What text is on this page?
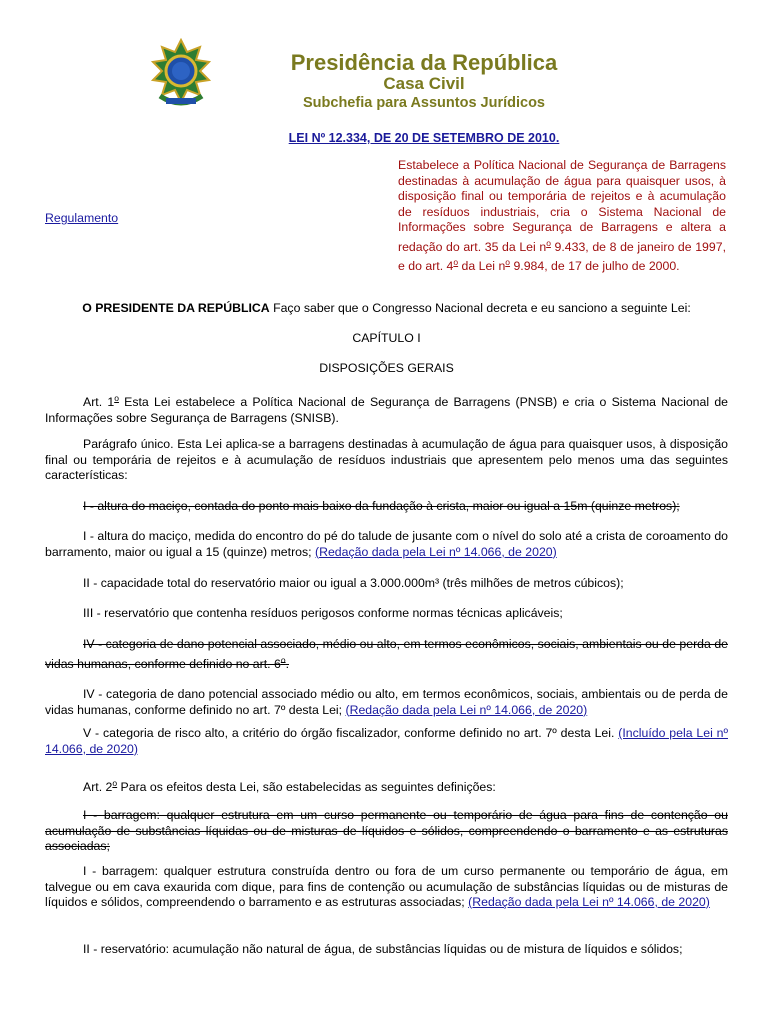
Presidência da República
Casa Civil
Subchefia para Assuntos Jurídicos
LEI Nº 12.334, DE 20 DE SETEMBRO DE 2010.
Estabelece a Política Nacional de Segurança de Barragens destinadas à acumulação de água para quaisquer usos, à disposição final ou temporária de rejeitos e à acumulação de resíduos industriais, cria o Sistema Nacional de Informações sobre Segurança de Barragens e altera a redação do art. 35 da Lei $n^o$ 9.433, de 8 de janeiro de 1997, e do art. 4$^o$ da Lei $n^o$ 9.984, de 17 de julho de 2000.
Regulamento
O PRESIDENTE DA REPÚBLICA Faço saber que o Congresso Nacional decreta e eu sanciono a seguinte Lei:
CAPÍTULO I
DISPOSIÇÕES GERAIS
Art. 1$^o$ Esta Lei estabelece a Política Nacional de Segurança de Barragens (PNSB) e cria o Sistema Nacional de Informações sobre Segurança de Barragens (SNISB).
Parágrafo único. Esta Lei aplica-se a barragens destinadas à acumulação de água para quaisquer usos, à disposição final ou temporária de rejeitos e à acumulação de resíduos industriais que apresentem pelo menos uma das seguintes características:
I - altura do maciço, contada do ponto mais baixo da fundação à crista, maior ou igual a 15m (quinze metros);
I - altura do maciço, medida do encontro do pé do talude de jusante com o nível do solo até a crista de coroamento do barramento, maior ou igual a 15 (quinze) metros; (Redação dada pela Lei nº 14.066, de 2020)
II - capacidade total do reservatório maior ou igual a 3.000.000m³ (três milhões de metros cúbicos);
III - reservatório que contenha resíduos perigosos conforme normas técnicas aplicáveis;
IV - categoria de dano potencial associado, médio ou alto, em termos econômicos, sociais, ambientais ou de perda de vidas humanas, conforme definido no art. 6$^o$.
IV - categoria de dano potencial associado médio ou alto, em termos econômicos, sociais, ambientais ou de perda de vidas humanas, conforme definido no art. 7º desta Lei; (Redação dada pela Lei nº 14.066, de 2020)
V - categoria de risco alto, a critério do órgão fiscalizador, conforme definido no art. 7º desta Lei. (Incluído pela Lei nº 14.066, de 2020)
Art. 2$^o$ Para os efeitos desta Lei, são estabelecidas as seguintes definições:
I - barragem: qualquer estrutura em um curso permanente ou temporário de água para fins de contenção ou acumulação de substâncias líquidas ou de misturas de líquidos e sólidos, compreendendo o barramento e as estruturas associadas;
I - barragem: qualquer estrutura construída dentro ou fora de um curso permanente ou temporário de água, em talvegue ou em cava exaurida com dique, para fins de contenção ou acumulação de substâncias líquidas ou de misturas de líquidos e sólidos, compreendendo o barramento e as estruturas associadas; (Redação dada pela Lei nº 14.066, de 2020)
II - reservatório: acumulação não natural de água, de substâncias líquidas ou de mistura de líquidos e sólidos;
